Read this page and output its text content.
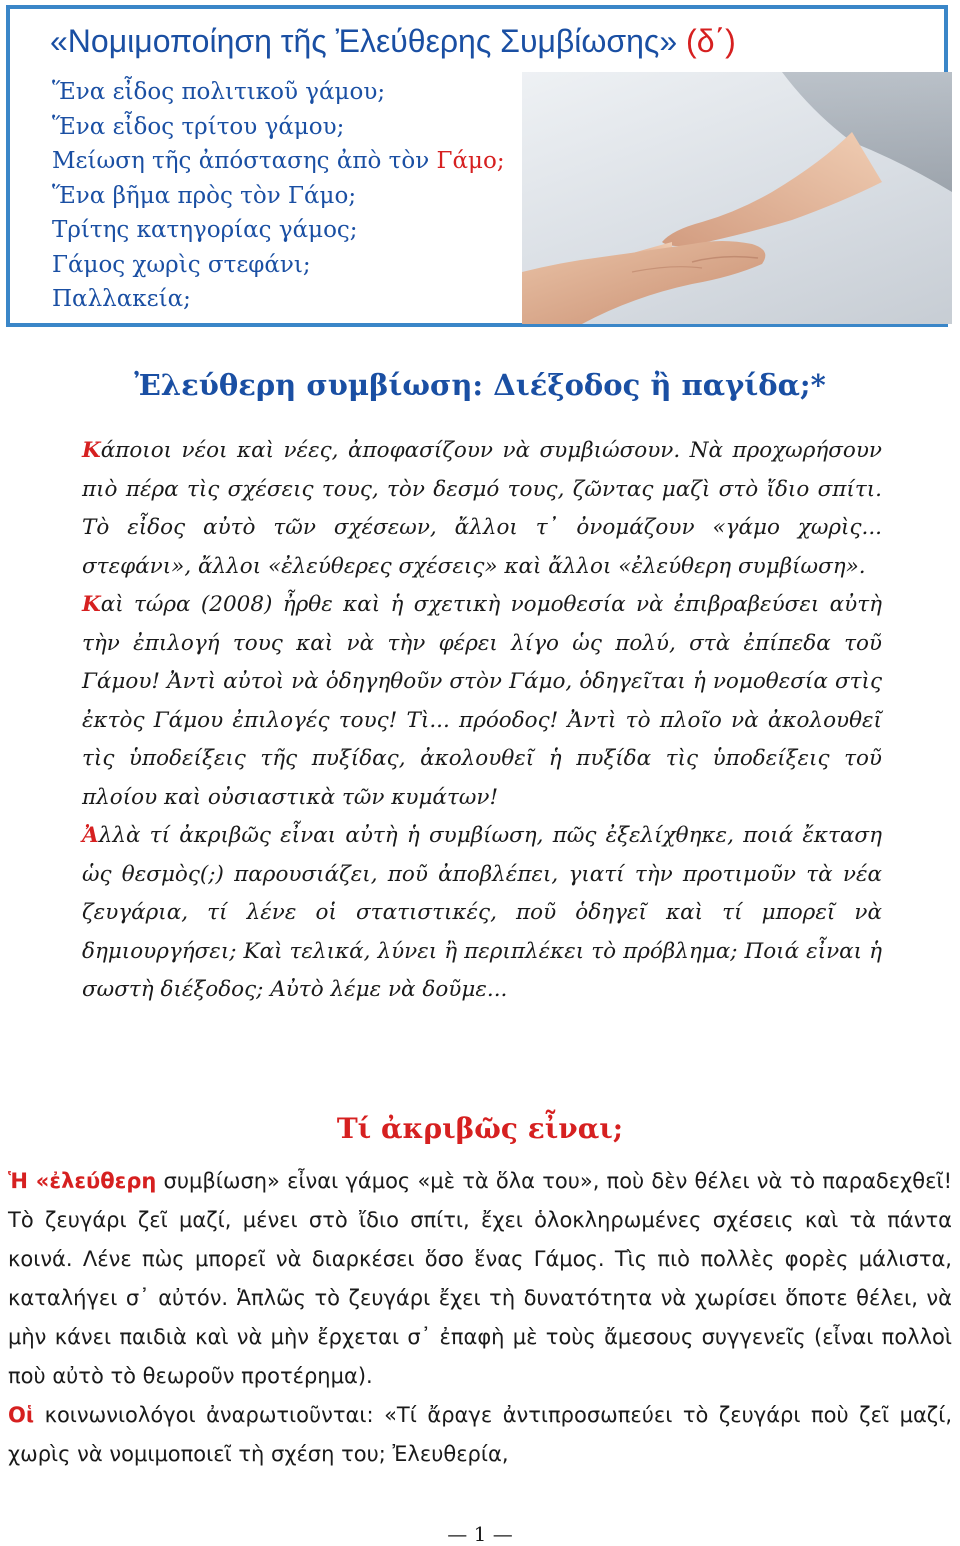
«Νομιμοποίηση τῆς Ἐλεύθερης Συμβίωσης» (δ΄)
Ἕνα εἶδος πολιτικοῦ γάμου;
Ἕνα εἶδος τρίτου γάμου;
Μείωση τῆς ἀπόστασης ἀπὸ τὸν Γάμο;
Ἕνα βῆμα πρὸς τὸν Γάμο;
Τρίτης κατηγορίας γάμος;
Γάμος χωρὶς στεφάνι;
Παλλακεία;
Ἐλεύθερη συμβίωση: Διέξοδος ἢ παγίδα;*

Κάποιοι νέοι καὶ νέες, ἀποφασίζουν νὰ συμβιώσουν. Νὰ προχωρήσουν πιὸ πέρα τὶς σχέσεις τους, τὸν δεσμό τους, ζῶντας μαζὶ στὸ ἴδιο σπίτι. Τὸ εἶδος αὐτὸ τῶν σχέσεων, ἄλλοι τ᾽ ὀνομάζουν «γάμο χωρὶς... στεφάνι», ἄλλοι «ἐλεύθερες σχέσεις» καὶ ἄλλοι «ἐλεύθερη συμβίωση».

Καὶ τώρα (2008) ἦρθε καὶ ἡ σχετικὴ νομοθεσία νὰ ἐπιβραβεύσει αὐτὴ τὴν ἐπιλογή τους καὶ νὰ τὴν φέρει λίγο ὡς πολύ, στὰ ἐπίπεδα τοῦ Γάμου! Ἀντὶ αὐτοὶ νὰ ὁδηγηθοῦν στὸν Γάμο, ὁδηγεῖται ἡ νομοθεσία στὶς ἐκτὸς Γάμου ἐπιλογές τους! Τὶ... πρόοδος! Ἀντὶ τὸ πλοῖο νὰ ἀκολουθεῖ τὶς ὑποδείξεις τῆς πυξίδας, ἀκολουθεῖ ἡ πυξίδα τὶς ὑποδείξεις τοῦ πλοίου καὶ οὐσιαστικὰ τῶν κυμάτων!

Ἀλλὰ τί ἀκριβῶς εἶναι αὐτὴ ἡ συμβίωση, πῶς ἐξελίχθηκε, ποιά ἔκταση ὡς θεσμὸς(;) παρουσιάζει, ποῦ ἀποβλέπει, γιατί τὴν προτιμοῦν τὰ νέα ζευγάρια, τί λένε οἱ στατιστικές, ποῦ ὁδηγεῖ καὶ τί μπορεῖ νὰ δημιουργήσει; Καὶ τελικά, λύνει ἢ περιπλέκει τὸ πρόβλημα; Ποιά εἶναι ἡ σωστὴ διέξοδος; Αὐτὸ λέμε νὰ δοῦμε...

Τί ἀκριβῶς εἶναι;

Ἡ «ἐλεύθερη συμβίωση» εἶναι γάμος «μὲ τὰ ὅλα του», ποὺ δὲν θέλει νὰ τὸ παραδεχθεῖ! Τὸ ζευγάρι ζεῖ μαζί, μένει στὸ ἴδιο σπίτι, ἔχει ὁλοκληρωμένες σχέσεις καὶ τὰ πάντα κοινά. Λένε πὼς μπορεῖ νὰ διαρκέσει ὅσο ἕνας Γάμος. Τὶς πιὸ πολλὲς φορὲς μάλιστα, καταλήγει σ᾽ αὐτόν. Ἁπλῶς τὸ ζευγάρι ἔχει τὴ δυνατότητα νὰ χωρίσει ὅποτε θέλει, νὰ μὴν κάνει παιδιὰ καὶ νὰ μὴν ἔρχεται σ᾽ ἐπαφὴ μὲ τοὺς ἄμεσους συγγενεῖς (εἶναι πολλοὶ ποὺ αὐτὸ τὸ θεωροῦν προτέρημα).

Οἱ κοινωνιολόγοι ἀναρωτιοῦνται: «Τί ἄραγε ἀντιπροσωπεύει τὸ ζευγάρι ποὺ ζεῖ μαζί, χωρὶς νὰ νομιμοποιεῖ τὴ σχέση του; Ἐλευθερία,

— 1 —
